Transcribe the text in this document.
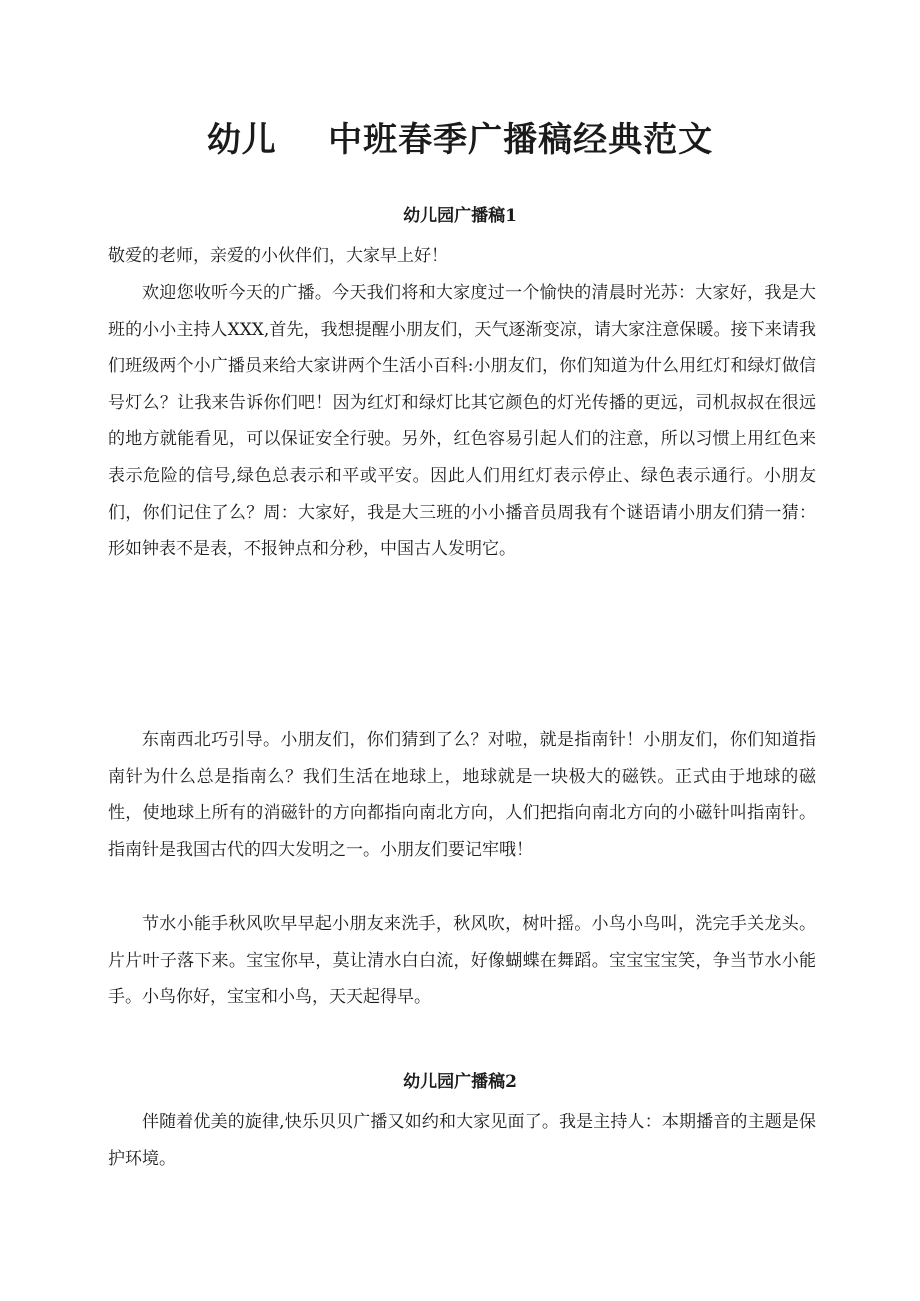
幼儿    中班春季广播稿经典范文
幼儿园广播稿1

敬爱的老师，亲爱的小伙伴们，大家早上好！

欢迎您收听今天的广播。今天我们将和大家度过一个愉快的清晨时光苏：大家好，我是大班的小小主持人XXX,首先，我想提醒小朋友们，天气逐渐变凉，请大家注意保暖。接下来请我们班级两个小广播员来给大家讲两个生活小百科:小朋友们，你们知道为什么用红灯和绿灯做信号灯么？让我来告诉你们吧！因为红灯和绿灯比其它颜色的灯光传播的更远，司机叔叔在很远的地方就能看见，可以保证安全行驶。另外，红色容易引起人们的注意，所以习惯上用红色来表示危险的信号,绿色总表示和平或平安。因此人们用红灯表示停止、绿色表示通行。小朋友们，你们记住了么？周：大家好，我是大三班的小小播音员周我有个谜语请小朋友们猜一猜：形如钟表不是表，不报钟点和分秒，中国古人发明它。

东南西北巧引导。小朋友们，你们猜到了么？对啦，就是指南针！小朋友们，你们知道指南针为什么总是指南么？我们生活在地球上，地球就是一块极大的磁铁。正式由于地球的磁性，使地球上所有的消磁针的方向都指向南北方向，人们把指向南北方向的小磁针叫指南针。指南针是我国古代的四大发明之一。小朋友们要记牢哦！

节水小能手秋风吹早早起小朋友来洗手，秋风吹，树叶摇。小鸟小鸟叫，洗完手关龙头。片片叶子落下来。宝宝你早，莫让清水白白流，好像蝴蝶在舞蹈。宝宝宝宝笑，争当节水小能手。小鸟你好，宝宝和小鸟，天天起得早。

幼儿园广播稿2

伴随着优美的旋律,快乐贝贝广播又如约和大家见面了。我是主持人：本期播音的主题是保护环境。
